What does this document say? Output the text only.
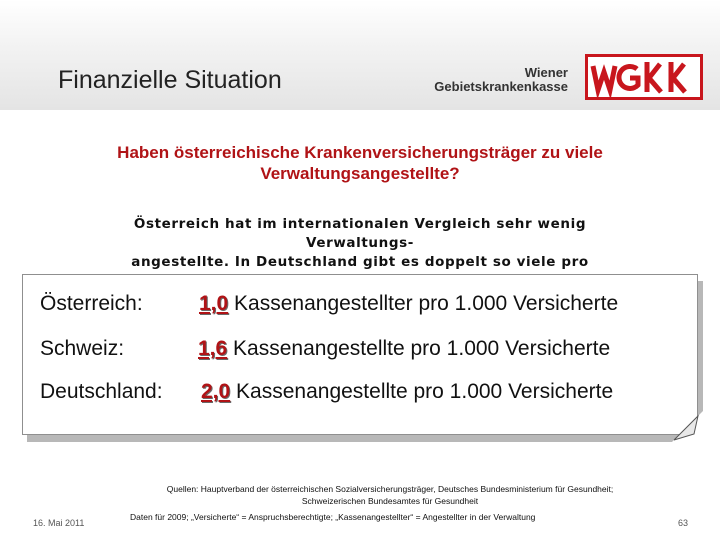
Finanzielle Situation	Wiener
Gebietskrankenkasse
Haben österreichische Krankenversicherungsträger zu viele
Verwaltungsangestellte?
Österreich hat im internationalen Vergleich sehr wenig Verwaltungs-
angestellte. In Deutschland gibt es doppelt so viele pro
Österreich:	1,0 Kassenangestellter pro 1.000 Versicherte
Schweiz:	1,6 Kassenangestellte pro 1.000 Versicherte
Deutschland: 2,0 Kassenangestellte pro 1.000 Versicherte
Quellen: Hauptverband der österreichischen Sozialversicherungsträger, Deutsches Bundesministerium für Gesundheit;
Schweizerischen Bundesamtes für Gesundheit
16. Mai 2011
Daten für 2009; „Versicherte“ = Anspruchsberechtigte; „Kassenangestellter“ = Angestellter in der Verwaltung
63
